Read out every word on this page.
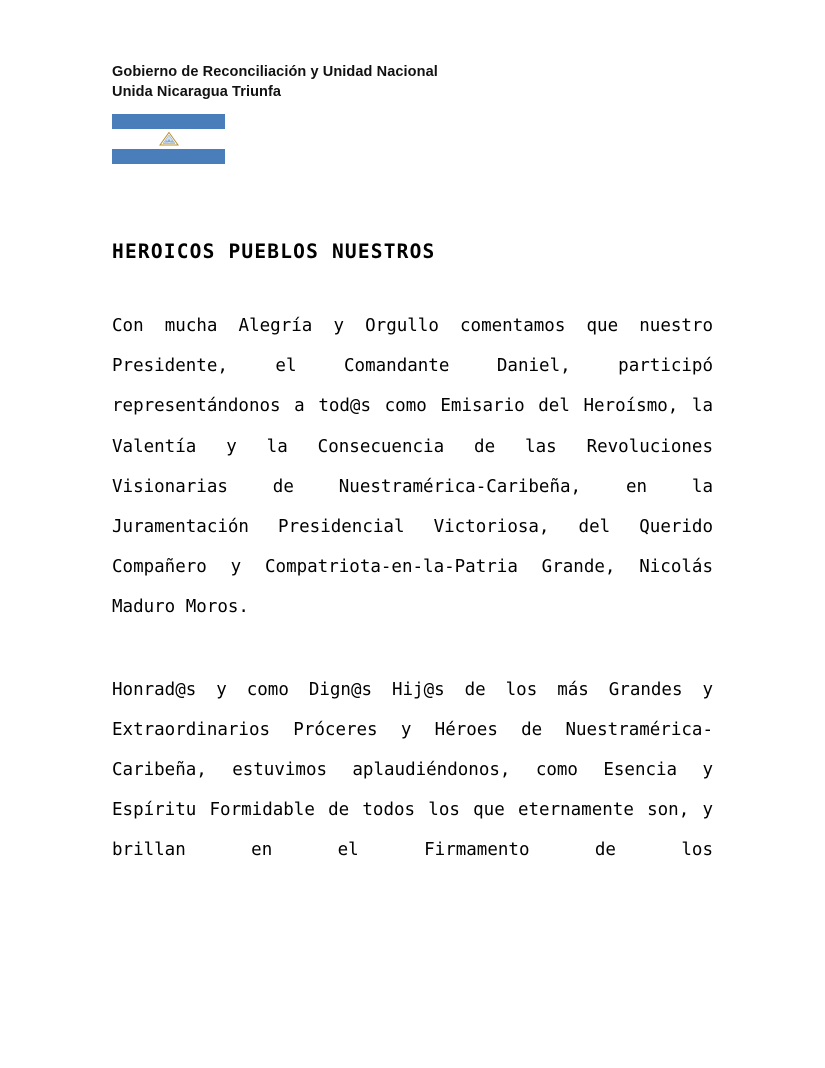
Gobierno de Reconciliación y Unidad Nacional
Unida Nicaragua Triunfa
HEROICOS PUEBLOS NUESTROS

Con mucha Alegría y Orgullo comentamos que nuestro Presidente, el Comandante Daniel, participó representándonos a tod@s como Emisario del Heroísmo, la Valentía y la Consecuencia de las Revoluciones Visionarias de Nuestramérica-Caribeña, en la Juramentación Presidencial Victoriosa, del Querido Compañero y Compatriota-en-la-Patria Grande, Nicolás Maduro Moros.

Honrad@s y como Dign@s Hij@s de los más Grandes y Extraordinarios Próceres y Héroes de Nuestramérica-Caribeña, estuvimos aplaudiéndonos, como Esencia y Espíritu Formidable de todos los que eternamente son, y brillan en el Firmamento de los
